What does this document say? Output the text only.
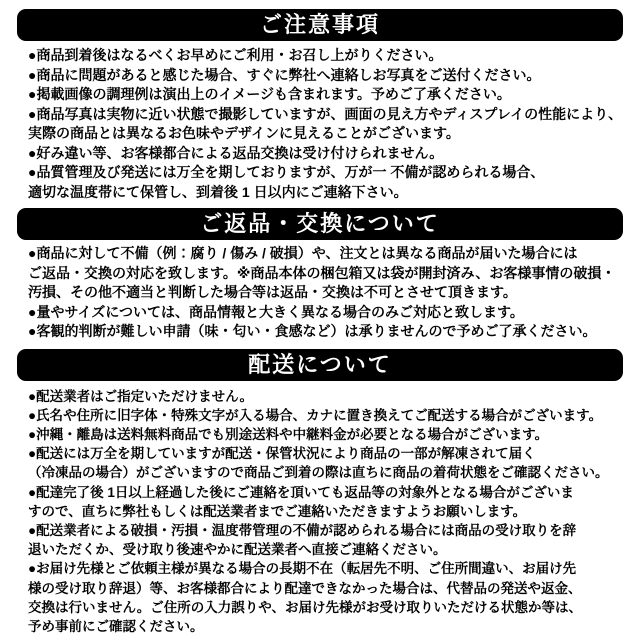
ご注意事項
●商品到着後はなるべくお早めにご利用・お召し上がりください。
●商品に問題があると感じた場合、すぐに弊社へ連絡しお写真をご送付ください。
●掲載画像の調理例は演出上のイメージも含まれます。予めご了承ください。
●商品写真は実物に近い状態で撮影していますが、画面の見え方やディスプレイの性能により、
実際の商品とは異なるお色味やデザインに見えることがございます。
●好み違い等、お客様都合による返品交換は受け付けられません。
●品質管理及び発送には万全を期しておりますが、万が一 不備が認められる場合、
適切な温度帯にて保管し、到着後 1 日以内にご連絡下さい。
ご返品・交換について
●商品に対して不備（例：腐り / 傷み / 破損）や、注文とは異なる商品が届いた場合には
ご返品・交換の対応を致します。※商品本体の梱包箱又は袋が開封済み、お客様事情の破損・
汚損、その他不適当と判断した場合等は返品・交換は不可とさせて頂きます。
●量やサイズについては、商品情報と大きく異なる場合のみご対応と致します。
●客観的判断が難しい申請（味・匂い・食感など）は承りませんので予めご了承ください。
配送について
●配送業者はご指定いただけません。
●氏名や住所に旧字体・特殊文字が入る場合、カナに置き換えてご配送する場合がございます。
●沖縄・離島は送料無料商品でも別途送料や中継料金が必要となる場合がございます。
●配送には万全を期していますが配送・保管状況により商品の一部が解凍されて届く
（冷凍品の場合）がございますので商品ご到着の際は直ちに商品の着荷状態をご確認ください。
●配達完了後 1日以上経過した後にご連絡を頂いても返品等の対象外となる場合がございま
すので、直ちに弊社もしくは配送業者までご連絡いただきますようお願いします。
●配送業者による破損・汚損・温度帯管理の不備が認められる場合には商品の受け取りを辞
退いただくか、受け取り後速やかに配送業者へ直接ご連絡ください。
●お届け先様とご依頼主様が異なる場合の長期不在（転居先不明、ご住所間違い、お届け先
様の受け取り辞退）等、お客様都合により配達できなかった場合は、代替品の発送や返金、
交換は行いません。ご住所の入力誤りや、お届け先様がお受け取りいただける状態か等は、
予め事前にご確認ください。
